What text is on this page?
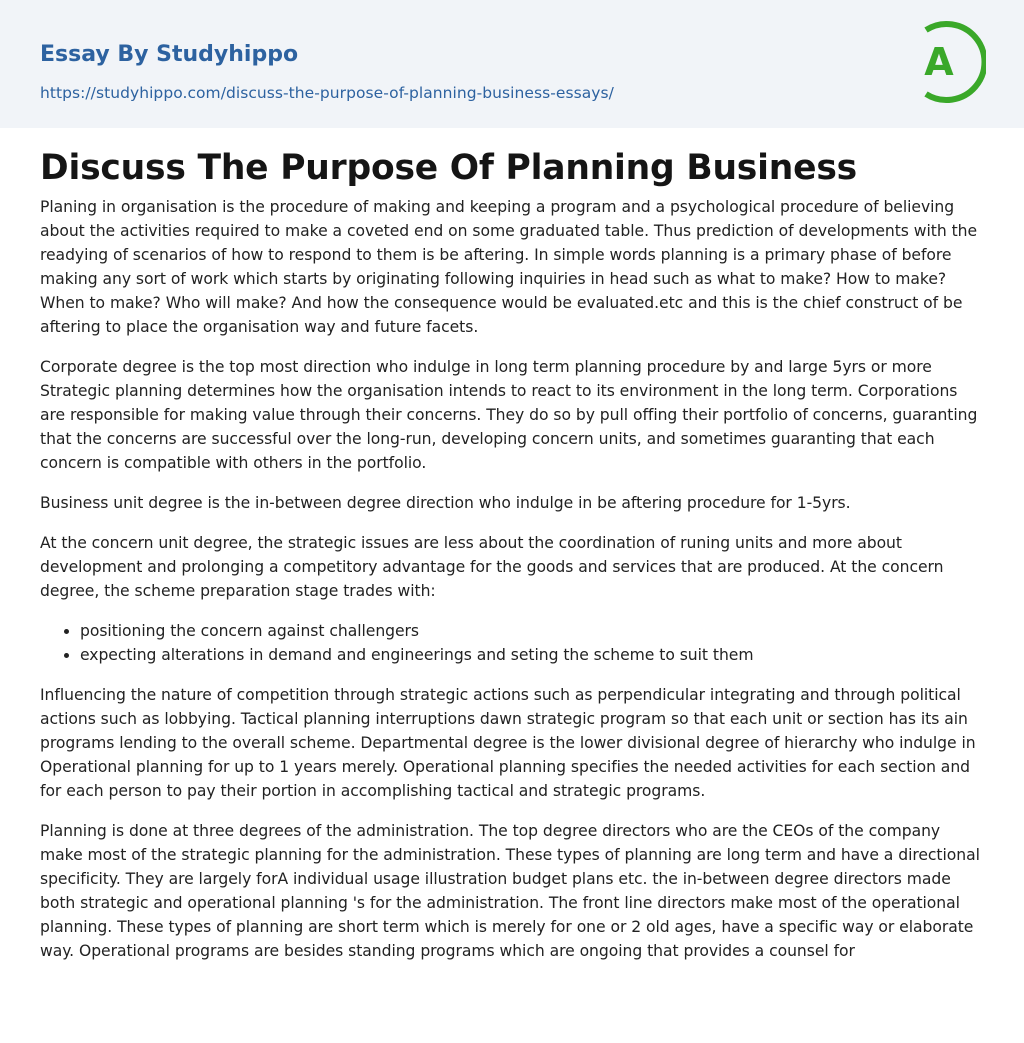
Essay By Studyhippo
https://studyhippo.com/discuss-the-purpose-of-planning-business-essays/
A
Discuss The Purpose Of Planning Business

Planing in organisation is the procedure of making and keeping a program and a psychological procedure of believing about the activities required to make a coveted end on some graduated table. Thus prediction of developments with the readying of scenarios of how to respond to them is be aftering. In simple words planning is a primary phase of before making any sort of work which starts by originating following inquiries in head such as what to make? How to make? When to make? Who will make? And how the consequence would be evaluated.etc and this is the chief construct of be aftering to place the organisation way and future facets.

Corporate degree is the top most direction who indulge in long term planning procedure by and large 5yrs or more Strategic planning determines how the organisation intends to react to its environment in the long term. Corporations are responsible for making value through their concerns. They do so by pull offing their portfolio of concerns, guaranting that the concerns are successful over the long-run, developing concern units, and sometimes guaranting that each concern is compatible with others in the portfolio.

Business unit degree is the in-between degree direction who indulge in be aftering procedure for 1-5yrs.

At the concern unit degree, the strategic issues are less about the coordination of runing units and more about development and prolonging a competitory advantage for the goods and services that are produced. At the concern degree, the scheme preparation stage trades with:

• positioning the concern against challengers
• expecting alterations in demand and engineerings and seting the scheme to suit them

Influencing the nature of competition through strategic actions such as perpendicular integrating and through political actions such as lobbying. Tactical planning interruptions dawn strategic program so that each unit or section has its ain programs lending to the overall scheme. Departmental degree is the lower divisional degree of hierarchy who indulge in Operational planning for up to 1 years merely. Operational planning specifies the needed activities for each section and for each person to pay their portion in accomplishing tactical and strategic programs.

Planning is done at three degrees of the administration. The top degree directors who are the CEOs of the company make most of the strategic planning for the administration. These types of planning are long term and have a directional specificity. They are largely forA individual usage illustration budget plans etc. the in-between degree directors made both strategic and operational planning 's for the administration. The front line directors make most of the operational planning. These types of planning are short term which is merely for one or 2 old ages, have a specific way or elaborate way. Operational programs are besides standing programs which are ongoing that provides a counsel for
